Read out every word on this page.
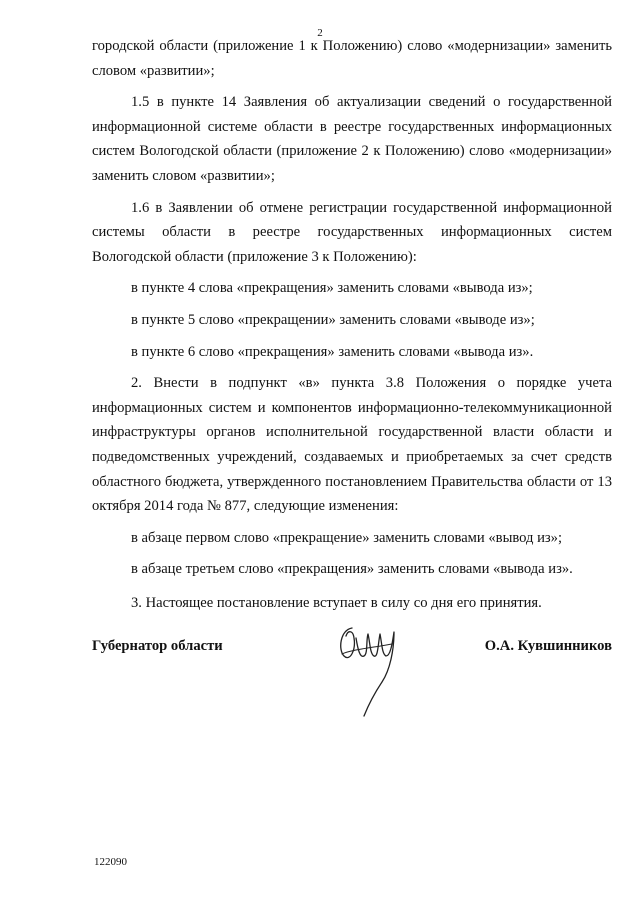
2

городской области (приложение 1 к Положению) слово «модернизации» заменить словом «развитии»;

1.5 в пункте 14 Заявления об актуализации сведений о государственной информационной системе области в реестре государственных информационных систем Вологодской области (приложение 2 к Положению) слово «модернизации» заменить словом «развитии»;

1.6 в Заявлении об отмене регистрации государственной информационной системы области в реестре государственных информационных систем Вологодской области (приложение 3 к Положению):

в пункте 4 слова «прекращения» заменить словами «вывода из»;

в пункте 5 слово «прекращении» заменить словами «выводе из»;

в пункте 6 слово «прекращения» заменить словами «вывода из».

2. Внести в подпункт «в» пункта 3.8 Положения о порядке учета информационных систем и компонентов информационно-телекоммуникационной инфраструктуры органов исполнительной государственной власти области и подведомственных учреждений, создаваемых и приобретаемых за счет средств областного бюджета, утвержденного постановлением Правительства области от 13 октября 2014 года № 877, следующие изменения:

в абзаце первом слово «прекращение» заменить словами «вывод из»;

в абзаце третьем слово «прекращения» заменить словами «вывода из».

3. Настоящее постановление вступает в силу со дня его принятия.

Губернатор области	О.А. Кувшинников
122090
